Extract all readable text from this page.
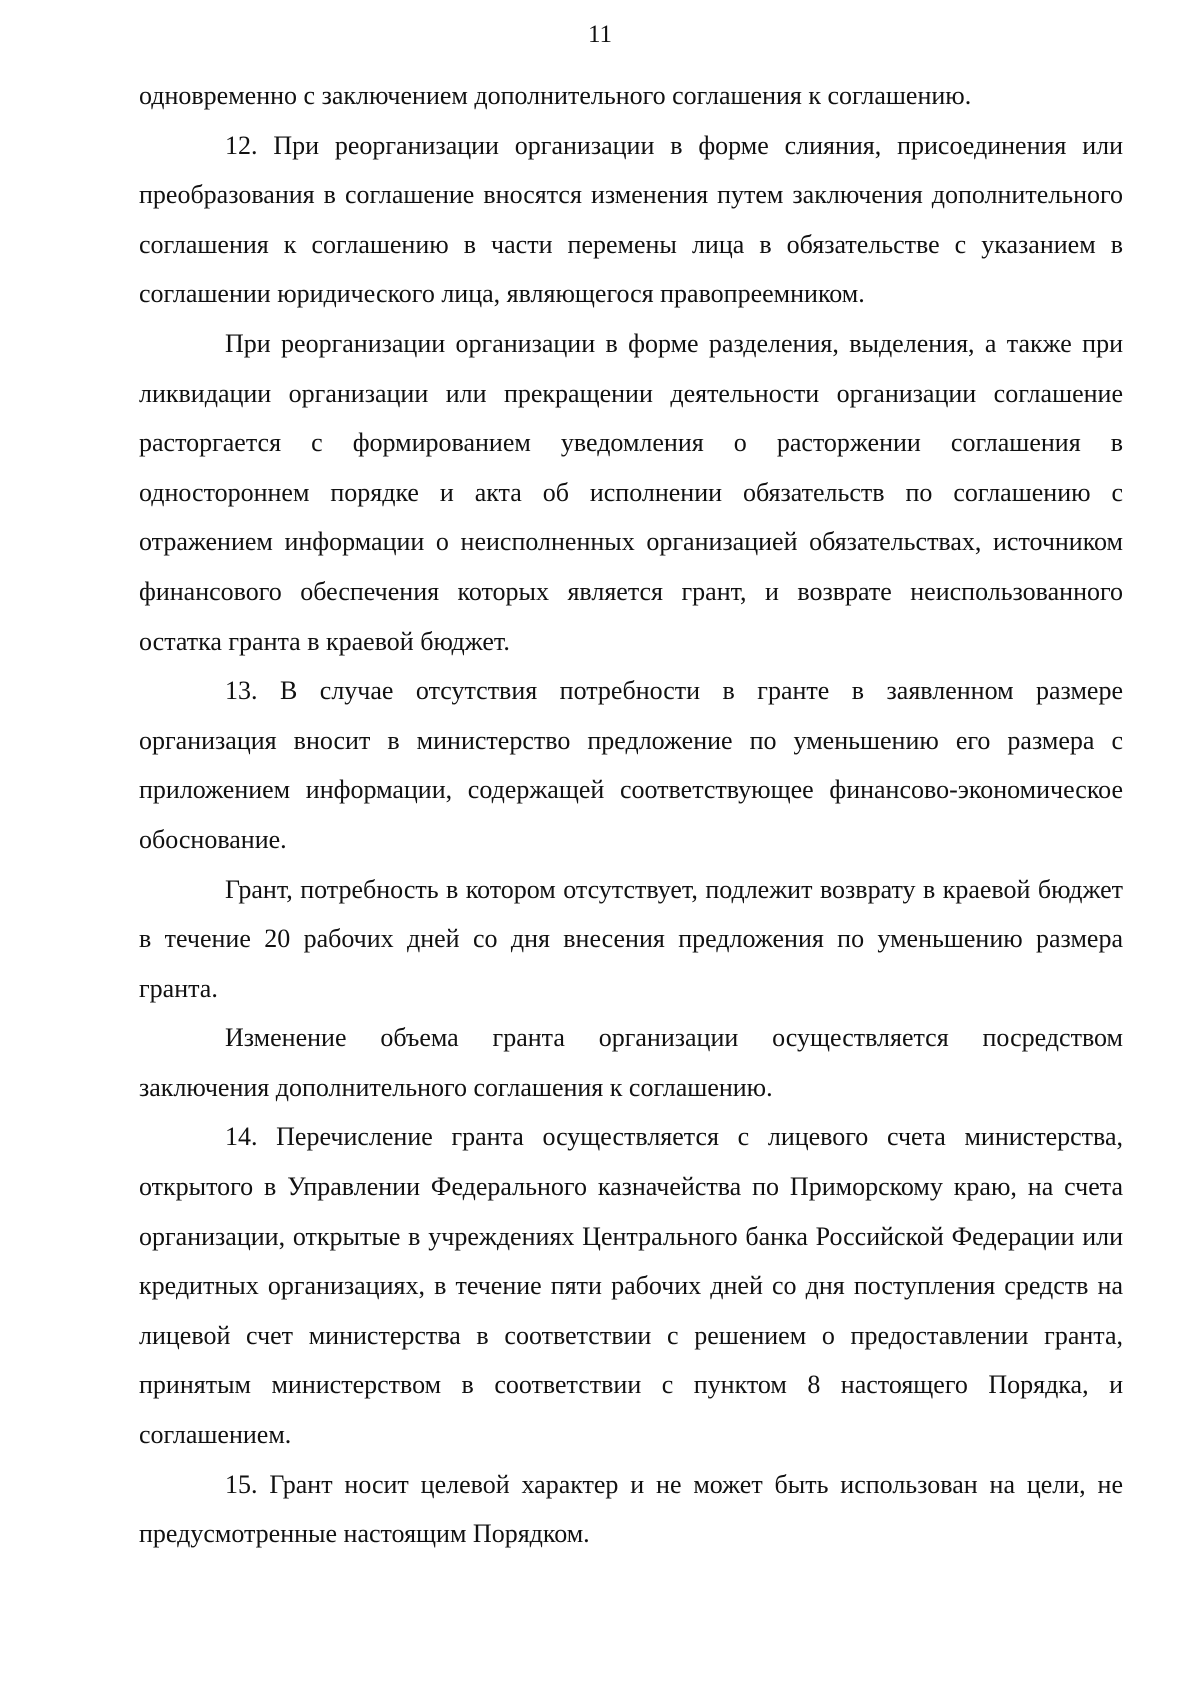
11

одновременно с заключением дополнительного соглашения к соглашению.

12. При реорганизации организации в форме слияния, присоединения или преобразования в соглашение вносятся изменения путем заключения дополнительного соглашения к соглашению в части перемены лица в обязательстве с указанием в соглашении юридического лица, являющегося правопреемником.

При реорганизации организации в форме разделения, выделения, а также при ликвидации организации или прекращении деятельности организации соглашение расторгается с формированием уведомления о расторжении соглашения в одностороннем порядке и акта об исполнении обязательств по соглашению с отражением информации о неисполненных организацией обязательствах, источником финансового обеспечения которых является грант, и возврате неиспользованного остатка гранта в краевой бюджет.

13. В случае отсутствия потребности в гранте в заявленном размере организация вносит в министерство предложение по уменьшению его размера с приложением информации, содержащей соответствующее финансово-экономическое обоснование.

Грант, потребность в котором отсутствует, подлежит возврату в краевой бюджет в течение 20 рабочих дней со дня внесения предложения по уменьшению размера гранта.

Изменение объема гранта организации осуществляется посредством заключения дополнительного соглашения к соглашению.

14. Перечисление гранта осуществляется с лицевого счета министерства, открытого в Управлении Федерального казначейства по Приморскому краю, на счета организации, открытые в учреждениях Центрального банка Российской Федерации или кредитных организациях, в течение пяти рабочих дней со дня поступления средств на лицевой счет министерства в соответствии с решением о предоставлении гранта, принятым министерством в соответствии с пунктом 8 настоящего Порядка, и соглашением.

15. Грант носит целевой характер и не может быть использован на цели, не предусмотренные настоящим Порядком.
